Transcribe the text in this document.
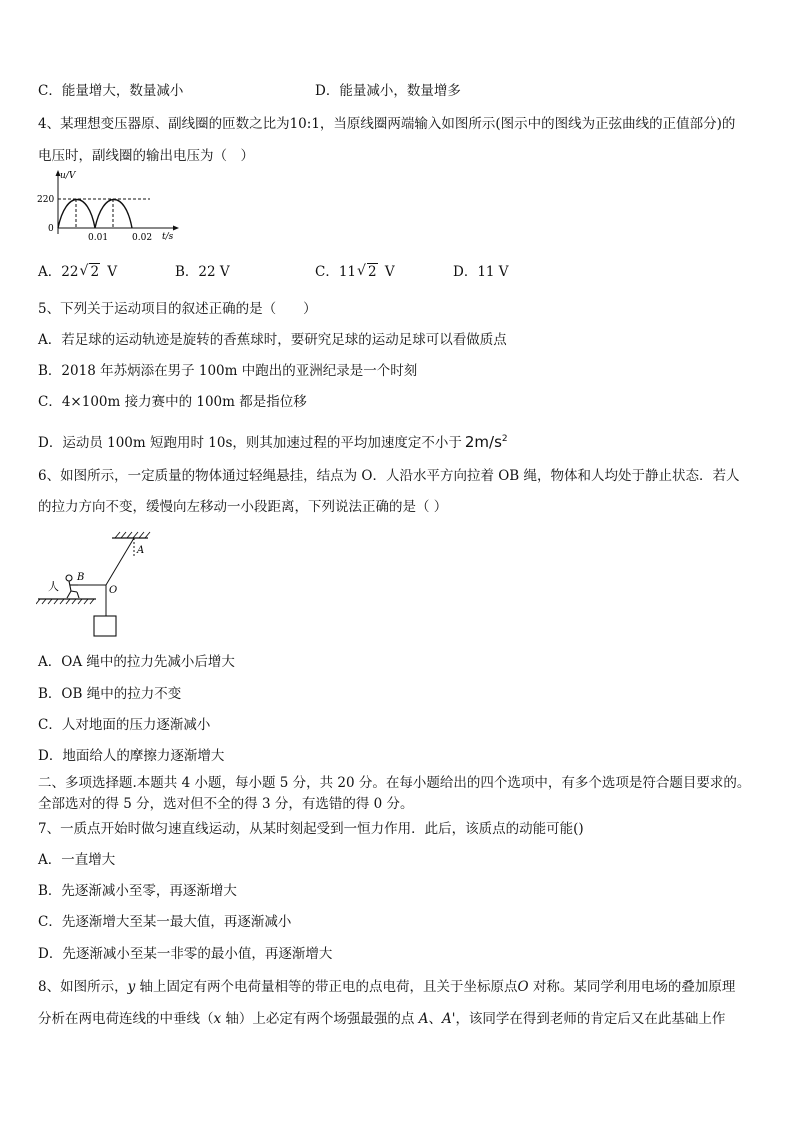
C．能量增大，数量减小	D．能量减小，数量增多
4、某理想变压器原、副线圈的匝数之比为10:1，当原线圈两端输入如图所示(图示中的图线为正弦曲线的正值部分)的
电压时，副线圈的输出电压为（　）
u/V
220
0
0.01	0.02 t/s
A．22 √ 2 V	B．22 V	C．11 √ 2 V	D．11 V
5、下列关于运动项目的叙述正确的是（　　）
A．若足球的运动轨迹是旋转的香蕉球时，要研究足球的运动足球可以看做质点
B．2018 年苏炳添在男子 100m 中跑出的亚洲纪录是一个时刻
C．4×100m 接力赛中的 100m 都是指位移
D．运动员 100m 短跑用时 10s，则其加速过程的平均加速度定不小于 $2m/s^2$
6、如图所示，一定质量的物体通过轻绳悬挂，结点为 O．人沿水平方向拉着 OB 绳，物体和人均处于静止状态．若人
的拉力方向不变，缓慢向左移动一小段距离，下列说法正确的是（ ）
人
B
O
A
A．OA 绳中的拉力先减小后增大
B．OB 绳中的拉力不变
C．人对地面的压力逐渐减小
D．地面给人的摩擦力逐渐增大
二、多项选择题.本题共 4 小题，每小题 5 分，共 20 分。在每小题给出的四个选项中，有多个选项是符合题目要求的。
全部选对的得 5 分，选对但不全的得 3 分，有选错的得 0 分。
7、一质点开始时做匀速直线运动，从某时刻起受到一恒力作用．此后，该质点的动能可能()
A．一直增大
B．先逐渐减小至零，再逐渐增大
C．先逐渐增大至某一最大值，再逐渐减小
D．先逐渐减小至某一非零的最小值，再逐渐增大
8、如图所示，y 轴上固定有两个电荷量相等的带正电的点电荷，且关于坐标原点O 对称。某同学利用电场的叠加原理
分析在两电荷连线的中垂线（x 轴）上必定有两个场强最强的点 A、A'，该同学在得到老师的肯定后又在此基础上作
